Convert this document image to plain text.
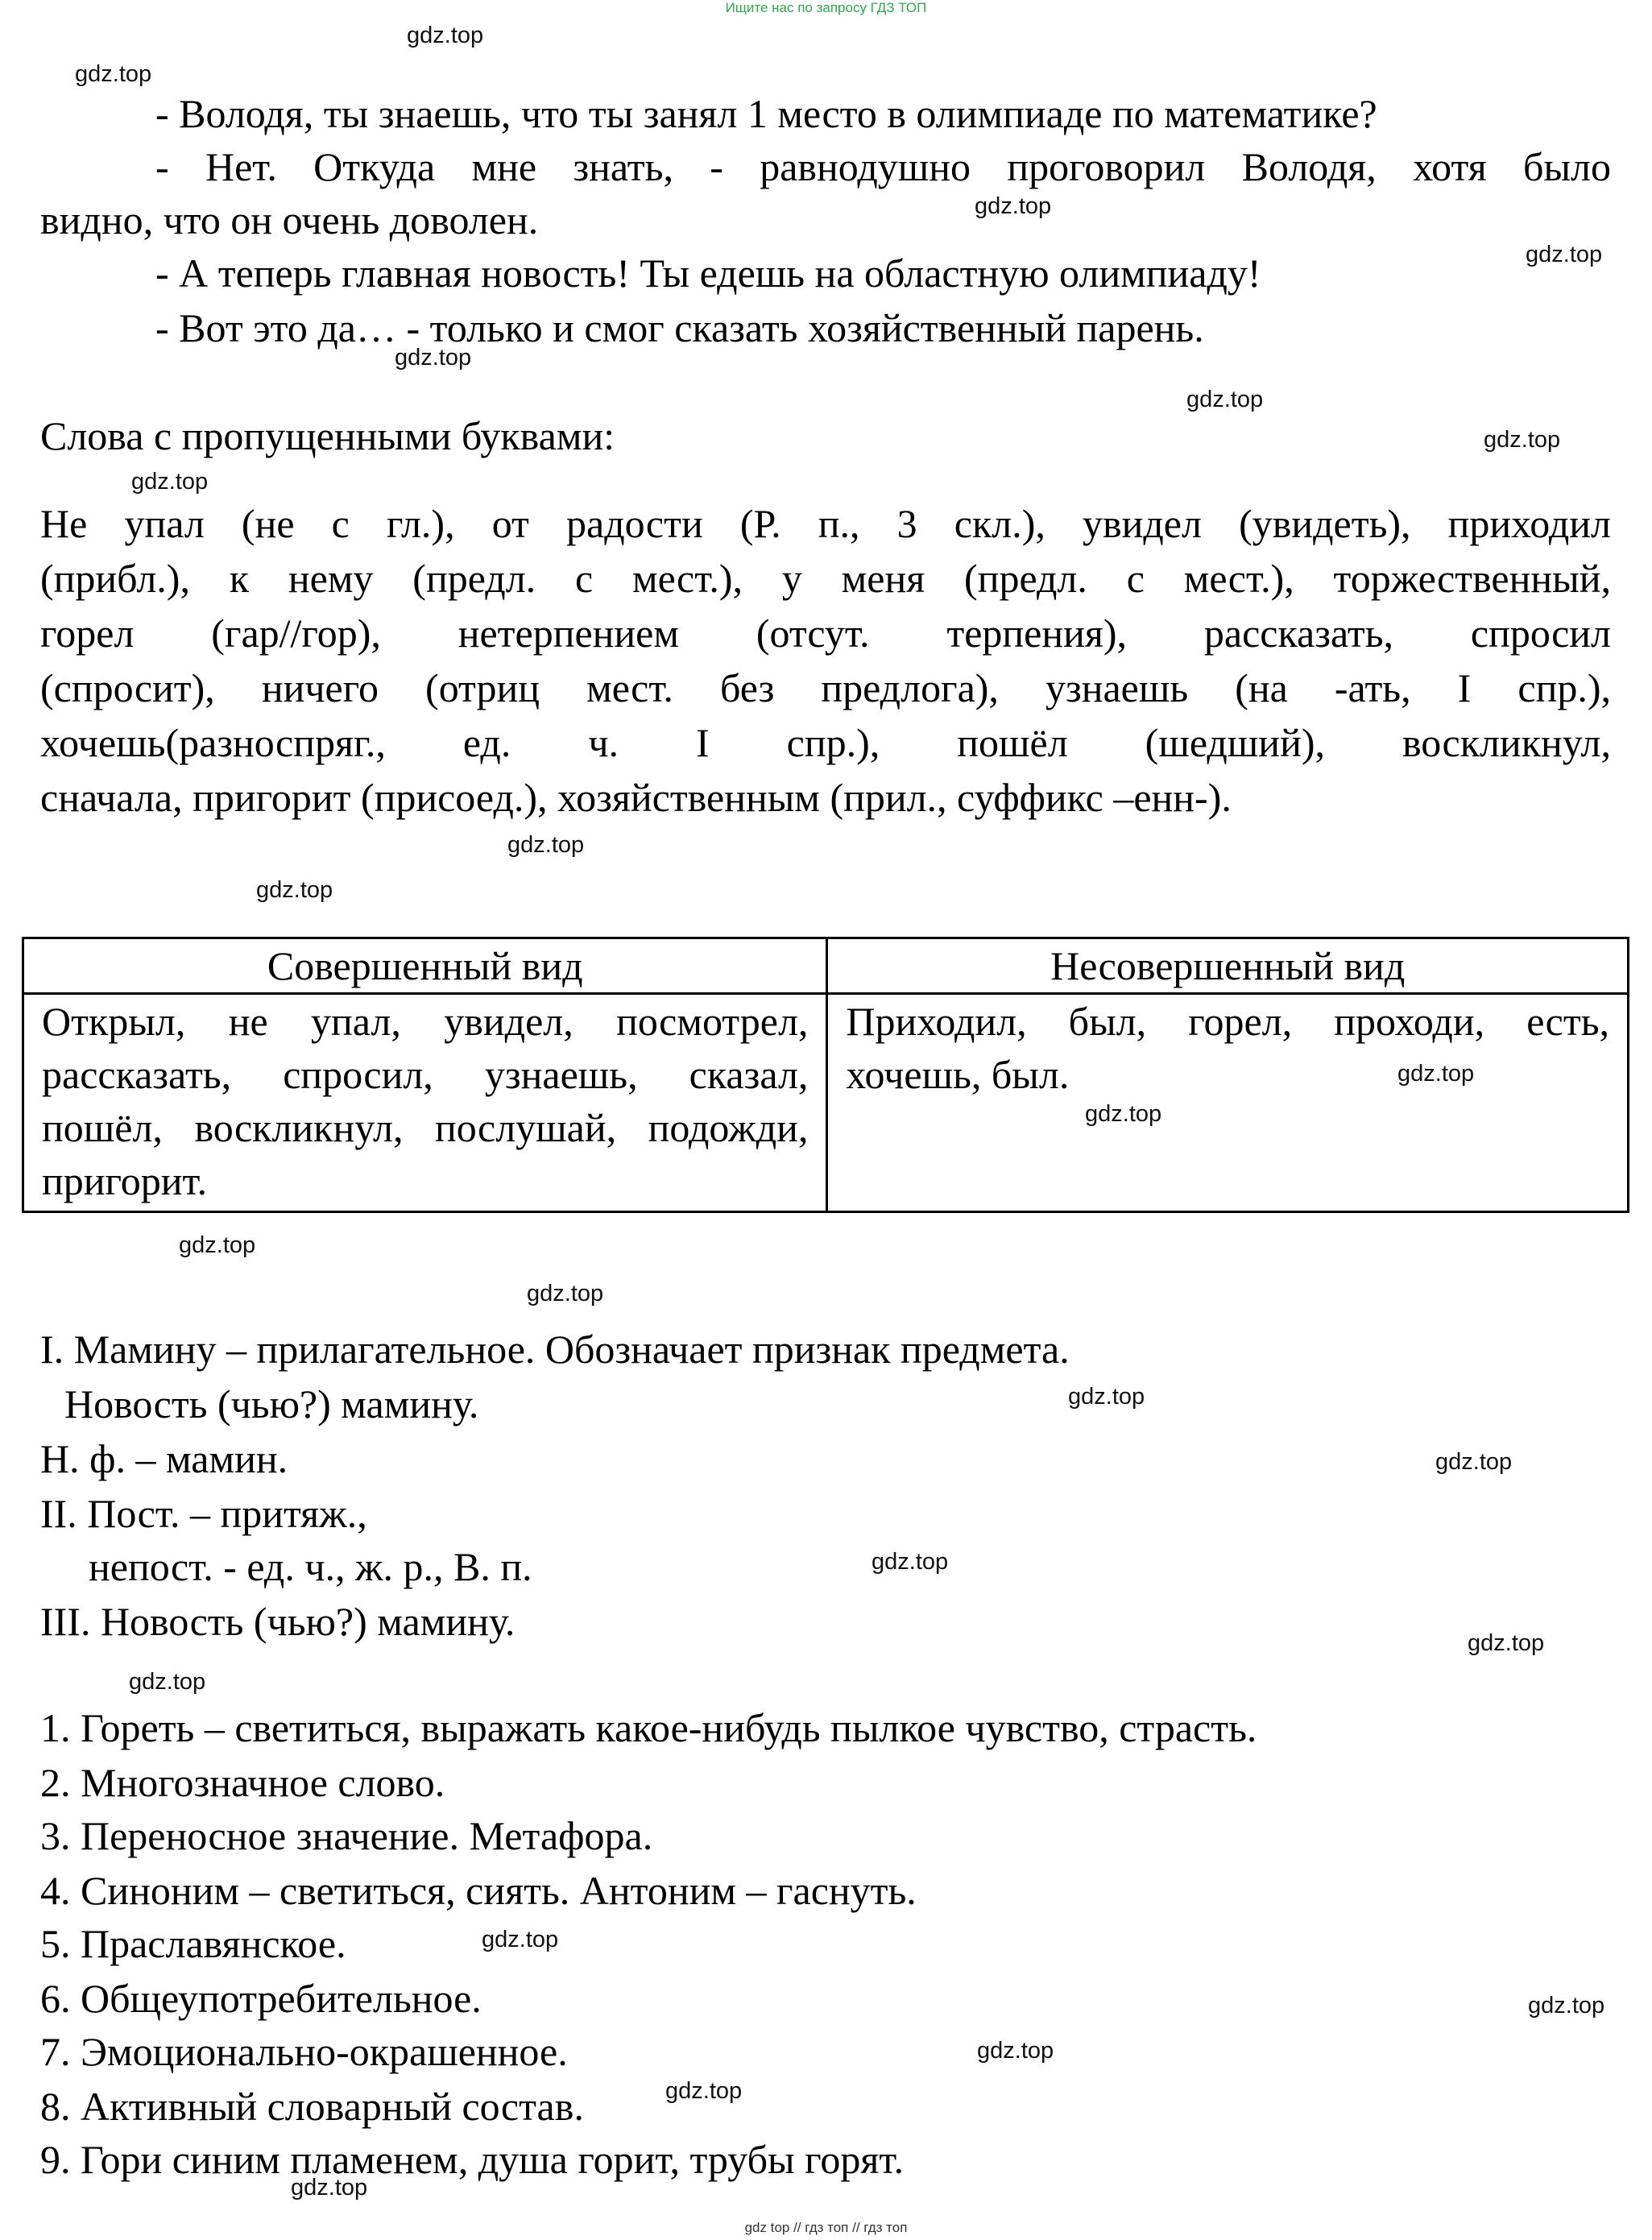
Ищите нас по запросу ГДЗ ТОП
gdz.top
gdz.top
gdz.top
gdz.top
gdz.top
gdz.top
gdz.top
gdz.top
gdz.top
gdz.top
gdz.top
gdz.top
gdz.top
gdz.top
gdz.top
gdz.top
gdz.top
gdz.top
gdz.top
gdz.top
gdz.top
gdz.top
gdz.top
gdz.top
- Володя, ты знаешь, что ты занял 1 место в олимпиаде по математике?
- Нет. Откуда мне знать, - равнодушно проговорил Володя, хотя было
видно, что он очень доволен.
- А теперь главная новость! Ты едешь на областную олимпиаду!
- Вот это да… - только и смог сказать хозяйственный парень.
Слова с пропущенными буквами:
Не упал (не с гл.), от радости (Р. п., 3 скл.), увидел (увидеть), приходил
(прибл.), к нему (предл. с мест.), у меня (предл. с мест.), торжественный,
горел (гар//гор), нетерпением (отсут. терпения), рассказать, спросил
(спросит), ничего (отриц мест. без предлога), узнаешь (на -ать, I спр.),
хочешь(разноспряг., ед. ч. I спр.), пошёл (шедший), воскликнул,
сначала, пригорит (присоед.), хозяйственным (прил., суффикс –енн-).
Совершенный вид	Несовершенный вид
Открыл, не упал, увидел, посмотрел, рассказать, спросил, узнаешь, сказал, пошёл, воскликнул, послушай, подожди, пригорит.	Приходил, был, горел, проходи, есть, хочешь, был.
I. Мамину – прилагательное. Обозначает признак предмета.
Новость (чью?) мамину.
Н. ф. – мамин.
II. Пост. – притяж.,
непост. - ед. ч., ж. р., В. п.
III. Новость (чью?) мамину.
1. Гореть – светиться, выражать какое-нибудь пылкое чувство, страсть.
2. Многозначное слово.
3. Переносное значение. Метафора.
4. Синоним – светиться, сиять. Антоним – гаснуть.
5. Праславянское.
6. Общеупотребительное.
7. Эмоционально-окрашенное.
8. Активный словарный состав.
9. Гори синим пламенем, душа горит, трубы горят.
gdz top // гдз топ // гдз топ
